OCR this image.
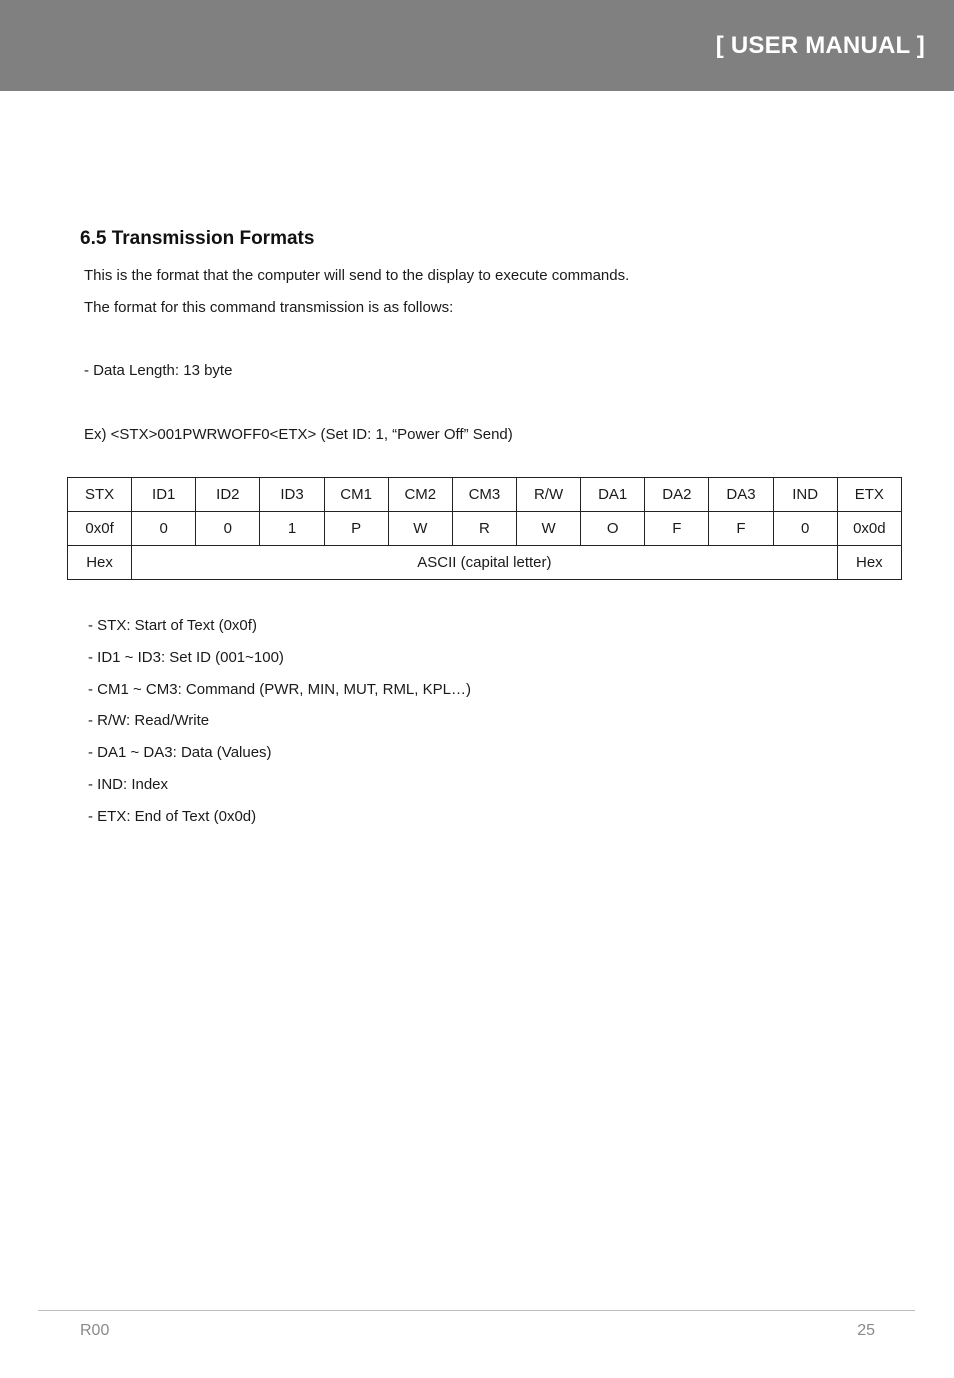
[ USER MANUAL ]
6.5 Transmission Formats
This is the format that the computer will send to the display to execute commands.
The format for this command transmission is as follows:
- Data Length: 13 byte
Ex) <STX>001PWRWOFF0<ETX> (Set ID: 1, “Power Off” Send)
STX	ID1	ID2	ID3	CM1	CM2	CM3	R/W	DA1	DA2	DA3	IND	ETX
0x0f	0	0	1	P	W	R	W	O	F	F	0	0x0d
Hex	ASCII (capital letter)											Hex
- STX: Start of Text (0x0f)
- ID1 ~ ID3: Set ID (001~100)
- CM1 ~ CM3: Command (PWR, MIN, MUT, RML, KPL…)
- R/W: Read/Write
- DA1 ~ DA3: Data (Values)
- IND: Index
- ETX: End of Text (0x0d)
R00	25
